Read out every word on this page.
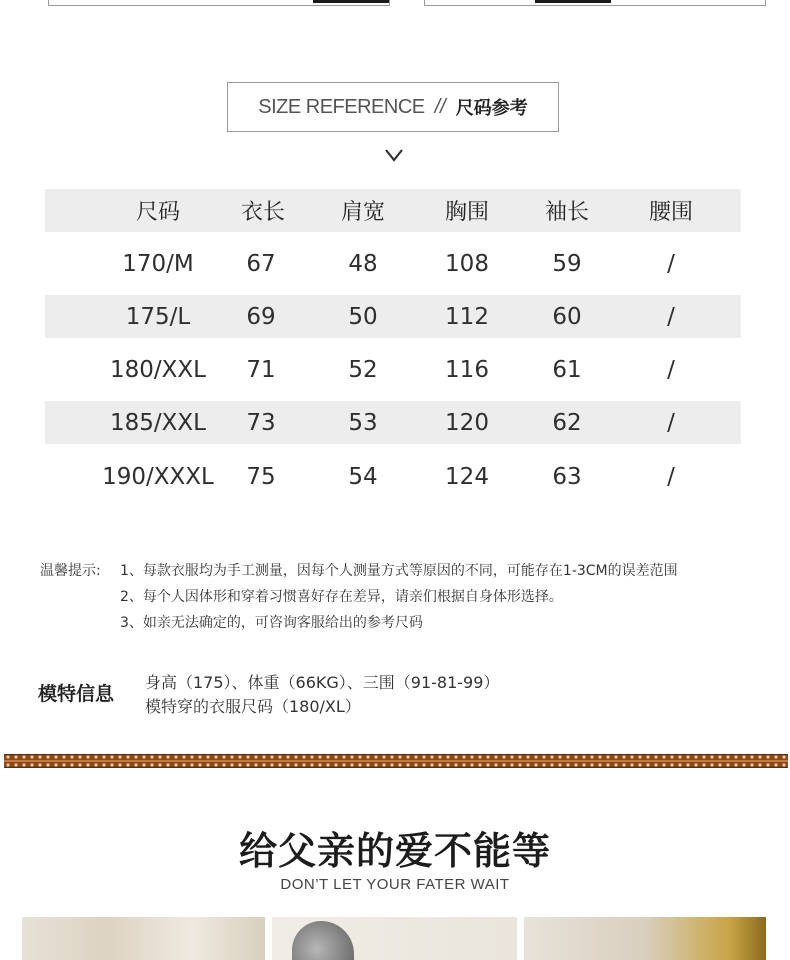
SIZE REFERENCE // 尺码参考
尺码	衣长	肩宽	胸围	袖长	腰围
170/M	67	48	108	59	/
175/L	69	50	112	60	/
180/XXL	71	52	116	61	/
185/XXL	73	53	120	62	/
190/XXXL	75	54	124	63	/
温馨提示: 1、每款衣服均为手工测量，因每个人测量方式等原因的不同，可能存在1-3CM的误差范围
2、每个人因体形和穿着习惯喜好存在差异，请亲们根据自身体形选择。
3、如亲无法确定的，可咨询客服给出的参考尺码
模特信息
身高（175）、体重（66KG）、三围（91-81-99）
模特穿的衣服尺码（180/XL）
给父亲的爱不能等
DON’T LET YOUR FATER WAIT
